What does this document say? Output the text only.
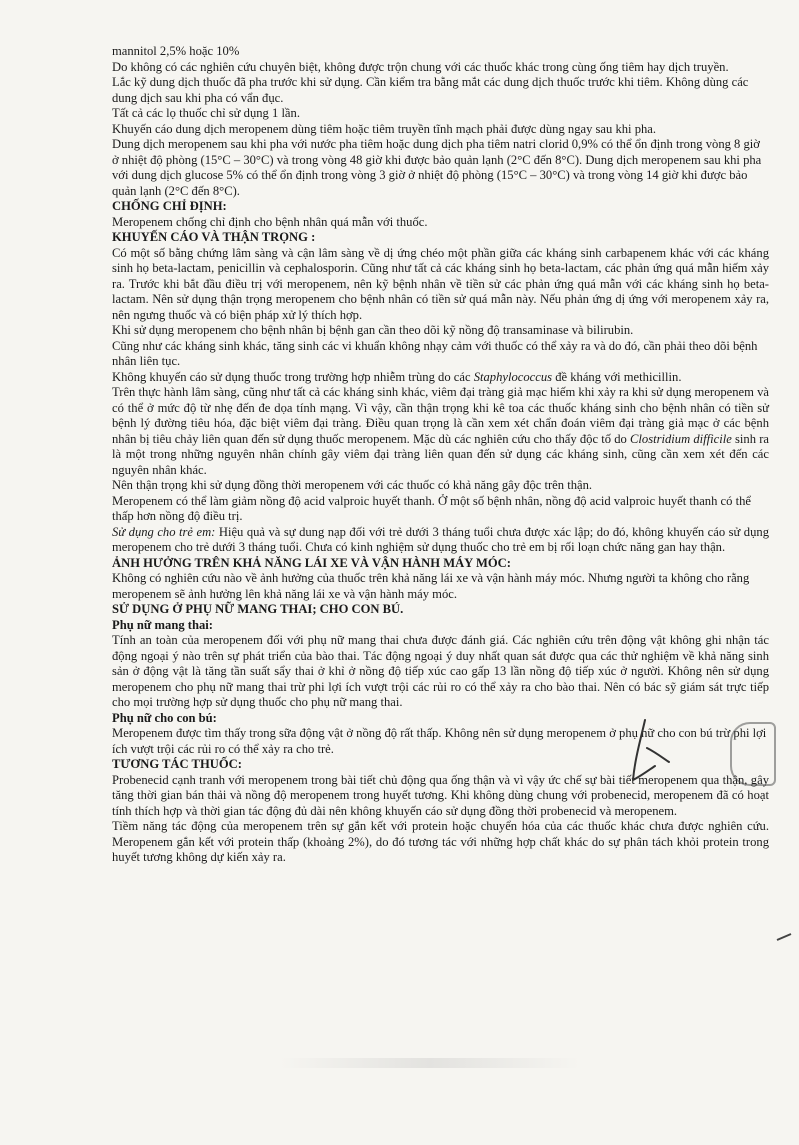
mannitol 2,5% hoặc 10%

Do không có các nghiên cứu chuyên biệt, không được trộn chung với các thuốc khác trong cùng ống tiêm hay dịch truyền.

Lắc kỹ dung dịch thuốc đã pha trước khi sử dụng. Cần kiểm tra bằng mắt các dung dịch thuốc trước khi tiêm. Không dùng các dung dịch sau khi pha có vẩn đục.

Tất cả các lọ thuốc chỉ sử dụng 1 lần.

Khuyến cáo dung dịch meropenem dùng tiêm hoặc tiêm truyền tĩnh mạch phải được dùng ngay sau khi pha.

Dung dịch meropenem sau khi pha với nước pha tiêm hoặc dung dịch pha tiêm natri clorid 0,9% có thể ổn định trong vòng 8 giờ ở nhiệt độ phòng (15°C – 30°C) và trong vòng 48 giờ khi được bảo quản lạnh (2°C đến 8°C). Dung dịch meropenem sau khi pha với dung dịch glucose 5% có thể ổn định trong vòng 3 giờ ở nhiệt độ phòng (15°C – 30°C) và trong vòng 14 giờ khi được bảo quản lạnh (2°C đến 8°C).

CHỐNG CHỈ ĐỊNH:

Meropenem chống chỉ định cho bệnh nhân quá mẫn với thuốc.

KHUYẾN CÁO VÀ THẬN TRỌNG :

Có một số bằng chứng lâm sàng và cận lâm sàng về dị ứng chéo một phần giữa các kháng sinh carbapenem khác với các kháng sinh họ beta-lactam, penicillin và cephalosporin. Cũng như tất cả các kháng sinh họ beta-lactam, các phản ứng quá mẫn hiếm xảy ra. Trước khi bắt đầu điều trị với meropenem, nên kỹ bệnh nhân về tiền sử các phản ứng quá mẫn với các kháng sinh họ beta-lactam. Nên sử dụng thận trọng meropenem cho bệnh nhân có tiền sử quá mẫn này. Nếu phản ứng dị ứng với meropenem xảy ra, nên ngưng thuốc và có biện pháp xử lý thích hợp.

Khi sử dụng meropenem cho bệnh nhân bị bệnh gan cần theo dõi kỹ nồng độ transaminase và bilirubin.

Cũng như các kháng sinh khác, tăng sinh các vi khuẩn không nhạy cảm với thuốc có thể xảy ra và do đó, cần phải theo dõi bệnh nhân liên tục.

Không khuyến cáo sử dụng thuốc trong trường hợp nhiễm trùng do các Staphylococcus đề kháng với methicillin.

Trên thực hành lâm sàng, cũng như tất cả các kháng sinh khác, viêm đại tràng giả mạc hiếm khi xảy ra khi sử dụng meropenem và có thể ở mức độ từ nhẹ đến đe dọa tính mạng. Vì vậy, cần thận trọng khi kê toa các thuốc kháng sinh cho bệnh nhân có tiền sử bệnh lý đường tiêu hóa, đặc biệt viêm đại tràng. Điều quan trọng là cần xem xét chẩn đoán viêm đại tràng giả mạc ở các bệnh nhân bị tiêu chảy liên quan đến sử dụng thuốc meropenem. Mặc dù các nghiên cứu cho thấy độc tố do Clostridium difficile sinh ra là một trong những nguyên nhân chính gây viêm đại tràng liên quan đến sử dụng các kháng sinh, cũng cần xem xét đến các nguyên nhân khác.

Nên thận trọng khi sử dụng đồng thời meropenem với các thuốc có khả năng gây độc trên thận.

Meropenem có thể làm giảm nồng độ acid valproic huyết thanh. Ở một số bệnh nhân, nồng độ acid valproic huyết thanh có thể thấp hơn nồng độ điều trị.

Sử dụng cho trẻ em: Hiệu quả và sự dung nạp đối với trẻ dưới 3 tháng tuổi chưa được xác lập; do đó, không khuyến cáo sử dụng meropenem cho trẻ dưới 3 tháng tuổi. Chưa có kinh nghiệm sử dụng thuốc cho trẻ em bị rối loạn chức năng gan hay thận.

ẢNH HƯỞNG TRÊN KHẢ NĂNG LÁI XE VÀ VẬN HÀNH MÁY MÓC:

Không có nghiên cứu nào về ảnh hưởng của thuốc trên khả năng lái xe và vận hành máy móc. Nhưng người ta không cho rằng meropenem sẽ ảnh hưởng lên khả năng lái xe và vận hành máy móc.

SỬ DỤNG Ở PHỤ NỮ MANG THAI; CHO CON BÚ.

Phụ nữ mang thai:

Tính an toàn của meropenem đối với phụ nữ mang thai chưa được đánh giá. Các nghiên cứu trên động vật không ghi nhận tác động ngoại ý nào trên sự phát triển của bào thai. Tác động ngoại ý duy nhất quan sát được qua các thử nghiệm về khả năng sinh sản ở động vật là tăng tần suất sẩy thai ở khỉ ở nồng độ tiếp xúc cao gấp 13 lần nồng độ tiếp xúc ở người. Không nên sử dụng meropenem cho phụ nữ mang thai trừ phi lợi ích vượt trội các rủi ro có thể xảy ra cho bào thai. Nên có bác sỹ giám sát trực tiếp cho mọi trường hợp sử dụng thuốc cho phụ nữ mang thai.

Phụ nữ cho con bú:

Meropenem được tìm thấy trong sữa động vật ở nồng độ rất thấp. Không nên sử dụng meropenem ở phụ nữ cho con bú trừ phi lợi ích vượt trội các rủi ro có thể xảy ra cho trẻ.

TƯƠNG TÁC THUỐC:

Probenecid cạnh tranh với meropenem trong bài tiết chủ động qua ống thận và vì vậy ức chế sự bài tiết meropenem qua thận, gây tăng thời gian bán thải và nồng độ meropenem trong huyết tương. Khi không dùng chung với probenecid, meropenem đã có hoạt tính thích hợp và thời gian tác động đủ dài nên không khuyến cáo sử dụng đồng thời probenecid và meropenem.

Tiềm năng tác động của meropenem trên sự gắn kết với protein hoặc chuyển hóa của các thuốc khác chưa được nghiên cứu. Meropenem gắn kết với protein thấp (khoảng 2%), do đó tương tác với những hợp chất khác do sự phân tách khỏi protein trong huyết tương không dự kiến xảy ra.
